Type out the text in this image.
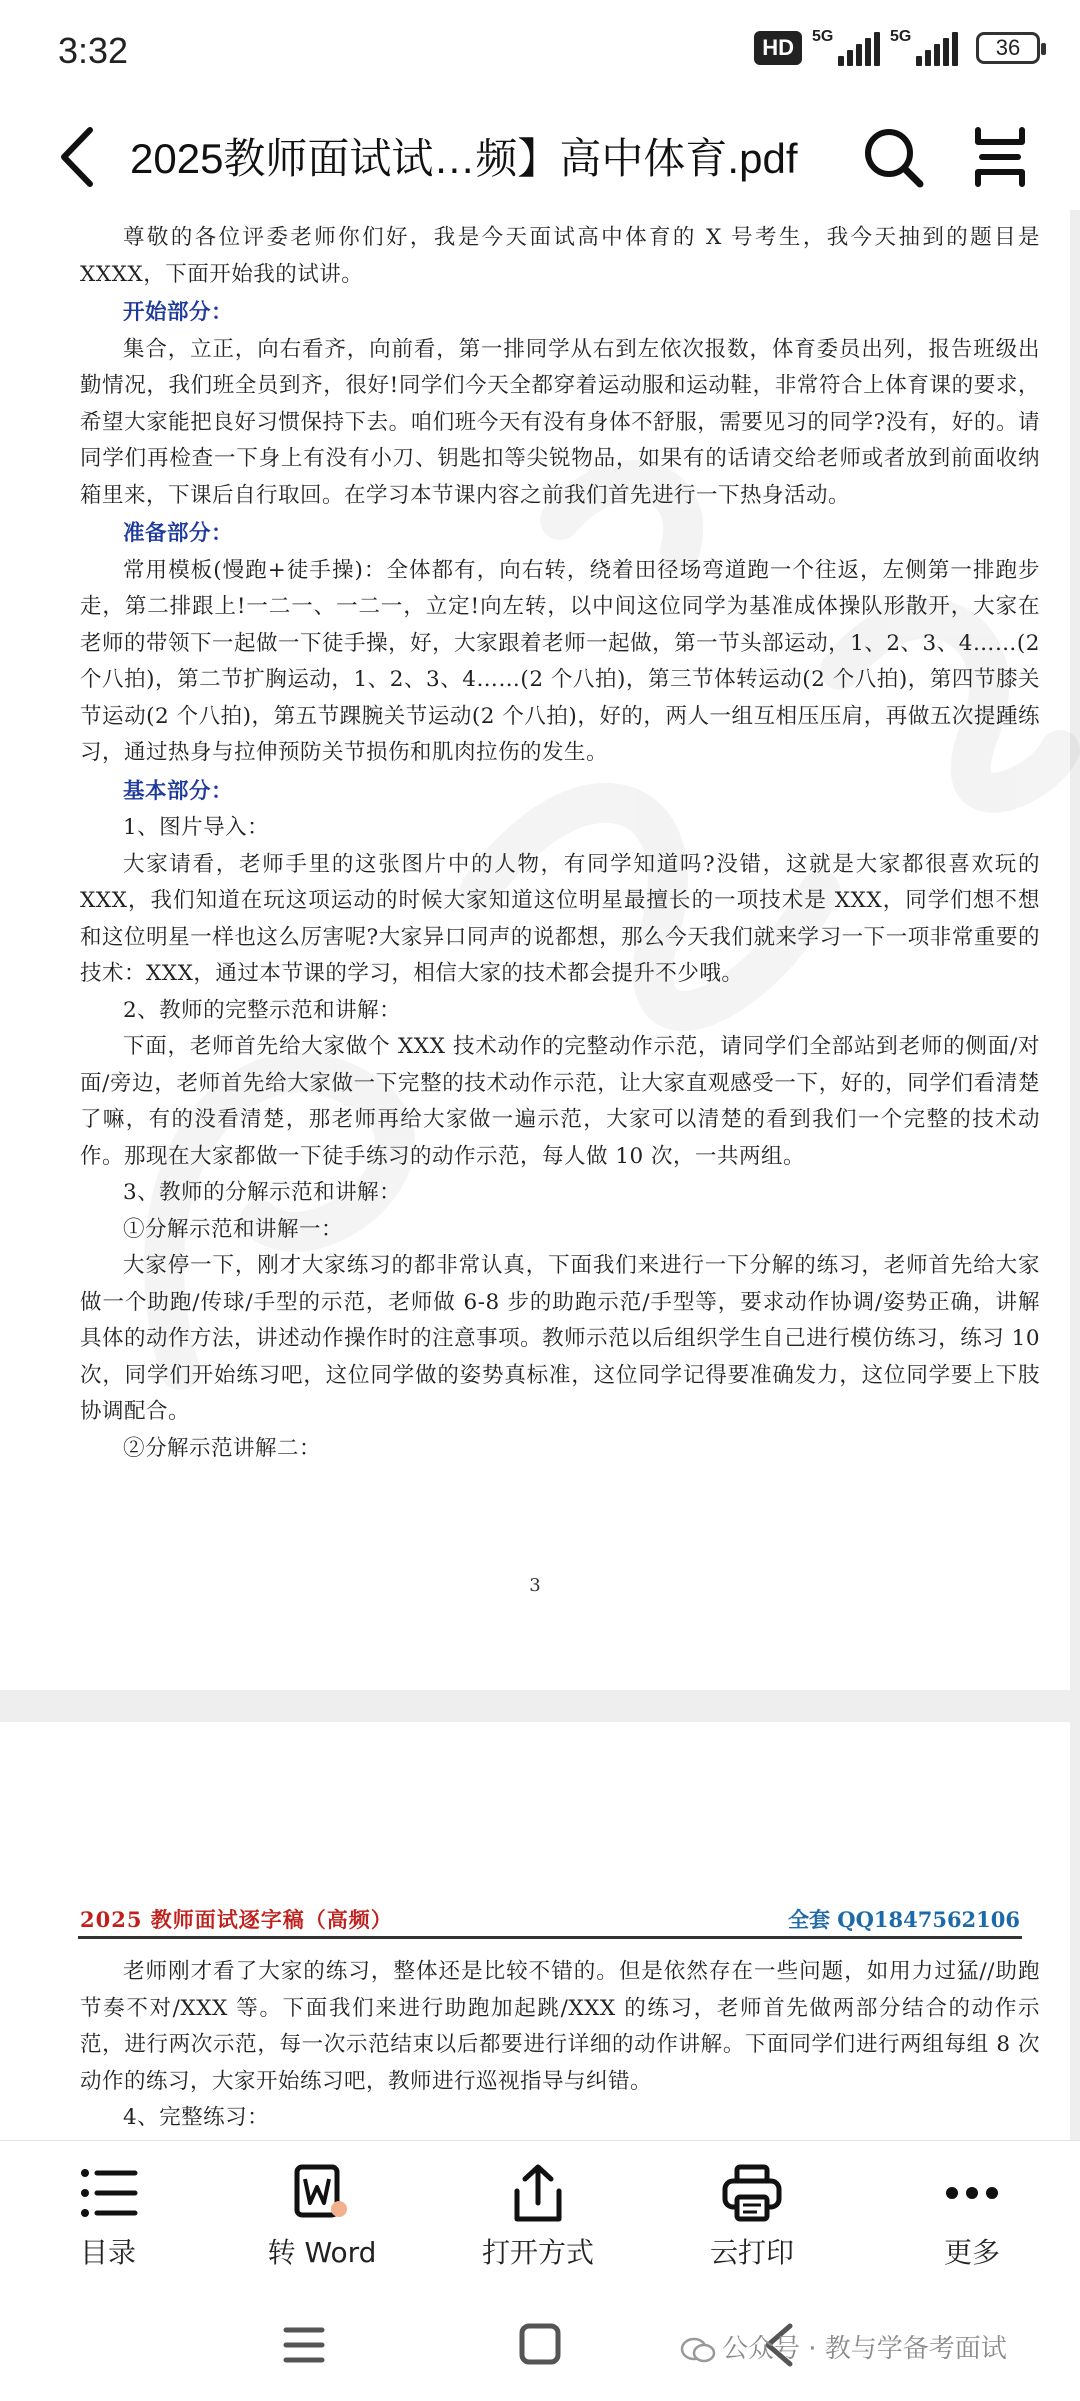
3:32	HD	5G	5G	36
2025教师面试试…频】高中体育.pdf

尊敬的各位评委老师你们好，我是今天面试高中体育的 X 号考生，我今天抽到的题目是 XXXX，下面开始我的试讲。

开始部分：

集合，立正，向右看齐，向前看，第一排同学从右到左依次报数，体育委员出列，报告班级出勤情况，我们班全员到齐，很好!同学们今天全都穿着运动服和运动鞋，非常符合上体育课的要求，希望大家能把良好习惯保持下去。咱们班今天有没有身体不舒服，需要见习的同学?没有，好的。请同学们再检查一下身上有没有小刀、钥匙扣等尖锐物品，如果有的话请交给老师或者放到前面收纳箱里来，下课后自行取回。在学习本节课内容之前我们首先进行一下热身活动。

准备部分：

常用模板(慢跑+徒手操)：全体都有，向右转，绕着田径场弯道跑一个往返，左侧第一排跑步走，第二排跟上!一二一、一二一，立定!向左转，以中间这位同学为基准成体操队形散开，大家在老师的带领下一起做一下徒手操，好，大家跟着老师一起做，第一节头部运动，1、2、3、4……(2 个八拍)，第二节扩胸运动，1、2、3、4……(2 个八拍)，第三节体转运动(2 个八拍)，第四节膝关节运动(2 个八拍)，第五节踝腕关节运动(2 个八拍)，好的，两人一组互相压压肩，再做五次提踵练习，通过热身与拉伸预防关节损伤和肌肉拉伤的发生。

基本部分：

1、图片导入：

大家请看，老师手里的这张图片中的人物，有同学知道吗?没错，这就是大家都很喜欢玩的 XXX，我们知道在玩这项运动的时候大家知道这位明星最擅长的一项技术是 XXX，同学们想不想和这位明星一样也这么厉害呢?大家异口同声的说都想，那么今天我们就来学习一下一项非常重要的技术：XXX，通过本节课的学习，相信大家的技术都会提升不少哦。

2、教师的完整示范和讲解：

下面，老师首先给大家做个 XXX 技术动作的完整动作示范，请同学们全部站到老师的侧面/对面/旁边，老师首先给大家做一下完整的技术动作示范，让大家直观感受一下，好的，同学们看清楚了嘛，有的没看清楚，那老师再给大家做一遍示范，大家可以清楚的看到我们一个完整的技术动作。那现在大家都做一下徒手练习的动作示范，每人做 10 次，一共两组。

3、教师的分解示范和讲解：

①分解示范和讲解一：

大家停一下，刚才大家练习的都非常认真，下面我们来进行一下分解的练习，老师首先给大家做一个助跑/传球/手型的示范，老师做 6-8 步的助跑示范/手型等，要求动作协调/姿势正确，讲解具体的动作方法，讲述动作操作时的注意事项。教师示范以后组织学生自己进行模仿练习，练习 10 次，同学们开始练习吧，这位同学做的姿势真标准，这位同学记得要准确发力，这位同学要上下肢协调配合。

②分解示范讲解二：

3
2025 教师面试逐字稿（高频）	全套 QQ1847562106

老师刚才看了大家的练习，整体还是比较不错的。但是依然存在一些问题，如用力过猛//助跑节奏不对/XXX 等。下面我们来进行助跑加起跳/XXX 的练习，老师首先做两部分结合的动作示范，进行两次示范，每一次示范结束以后都要进行详细的动作讲解。下面同学们进行两组每组 8 次动作的练习，大家开始练习吧，教师进行巡视指导与纠错。

4、完整练习：

目录	转 Word	打开方式	云打印	更多
公众号 · 教与学备考面试
